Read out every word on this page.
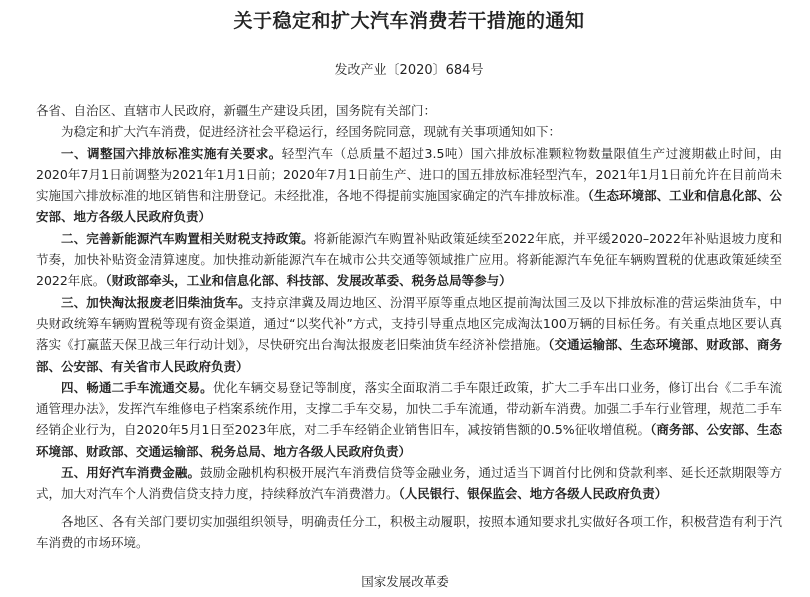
关于稳定和扩大汽车消费若干措施的通知

发改产业〔2020〕684号

各省、自治区、直辖市人民政府，新疆生产建设兵团，国务院有关部门：

为稳定和扩大汽车消费，促进经济社会平稳运行，经国务院同意，现就有关事项通知如下：

一、调整国六排放标准实施有关要求。轻型汽车（总质量不超过3.5吨）国六排放标准颗粒物数量限值生产过渡期截止时间，由2020年7月1日前调整为2021年1月1日前；2020年7月1日前生产、进口的国五排放标准轻型汽车，2021年1月1日前允许在目前尚未实施国六排放标准的地区销售和注册登记。未经批准，各地不得提前实施国家确定的汽车排放标准。（生态环境部、工业和信息化部、公安部、地方各级人民政府负责）

二、完善新能源汽车购置相关财税支持政策。将新能源汽车购置补贴政策延续至2022年底，并平缓2020–2022年补贴退坡力度和节奏，加快补贴资金清算速度。加快推动新能源汽车在城市公共交通等领域推广应用。将新能源汽车免征车辆购置税的优惠政策延续至2022年底。（财政部牵头，工业和信息化部、科技部、发展改革委、税务总局等参与）

三、加快淘汰报废老旧柴油货车。支持京津冀及周边地区、汾渭平原等重点地区提前淘汰国三及以下排放标准的营运柴油货车，中央财政统筹车辆购置税等现有资金渠道，通过“以奖代补”方式，支持引导重点地区完成淘汰100万辆的目标任务。有关重点地区要认真落实《打赢蓝天保卫战三年行动计划》，尽快研究出台淘汰报废老旧柴油货车经济补偿措施。（交通运输部、生态环境部、财政部、商务部、公安部、有关省市人民政府负责）

四、畅通二手车流通交易。优化车辆交易登记等制度，落实全面取消二手车限迁政策，扩大二手车出口业务，修订出台《二手车流通管理办法》，发挥汽车维修电子档案系统作用，支撑二手车交易，加快二手车流通，带动新车消费。加强二手车行业管理，规范二手车经销企业行为，自2020年5月1日至2023年底，对二手车经销企业销售旧车，减按销售额的0.5%征收增值税。（商务部、公安部、生态环境部、财政部、交通运输部、税务总局、地方各级人民政府负责）

五、用好汽车消费金融。鼓励金融机构积极开展汽车消费信贷等金融业务，通过适当下调首付比例和贷款利率、延长还款期限等方式，加大对汽车个人消费信贷支持力度，持续释放汽车消费潜力。（人民银行、银保监会、地方各级人民政府负责）

各地区、各有关部门要切实加强组织领导，明确责任分工，积极主动履职，按照本通知要求扎实做好各项工作，积极营造有利于汽车消费的市场环境。

国家发展改革委
